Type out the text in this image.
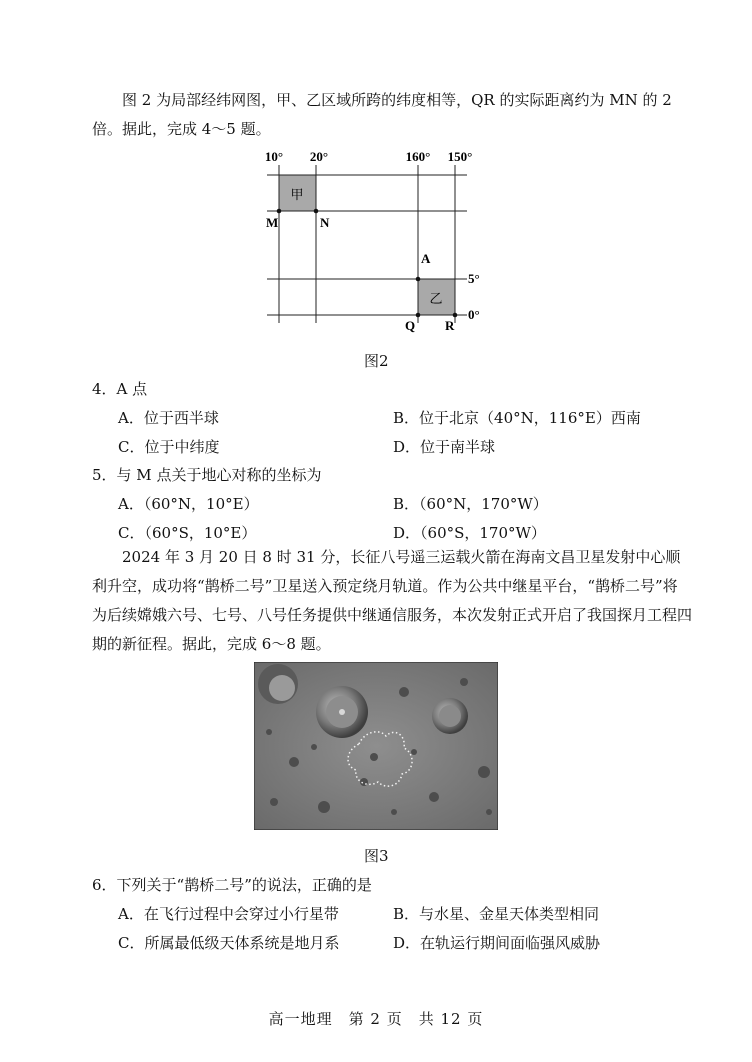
图 2 为局部经纬网图，甲、乙区域所跨的纬度相等，QR 的实际距离约为 MN 的 2 倍。据此，完成 4～5 题。
10° 20°	160° 150°
5°
0°
M	N
A
Q R
甲
乙
图2
4．A 点
A．位于西半球	B．位于北京（40°N，116°E）西南
C．位于中纬度	D．位于南半球
5．与 M 点关于地心对称的坐标为
A．（60°N，10°E）	B．（60°N，170°W）
C．（60°S，10°E）	D．（60°S，170°W）
2024 年 3 月 20 日 8 时 31 分，长征八号遥三运载火箭在海南文昌卫星发射中心顺利升空，成功将“鹊桥二号”卫星送入预定绕月轨道。作为公共中继星平台，“鹊桥二号”将为后续嫦娥六号、七号、八号任务提供中继通信服务，本次发射正式开启了我国探月工程四期的新征程。据此，完成 6～8 题。
图3
6．下列关于“鹊桥二号”的说法，正确的是
A．在飞行过程中会穿过小行星带	B．与水星、金星天体类型相同
C．所属最低级天体系统是地月系	D．在轨运行期间面临强风威胁
高一地理　第 2 页　共 12 页
